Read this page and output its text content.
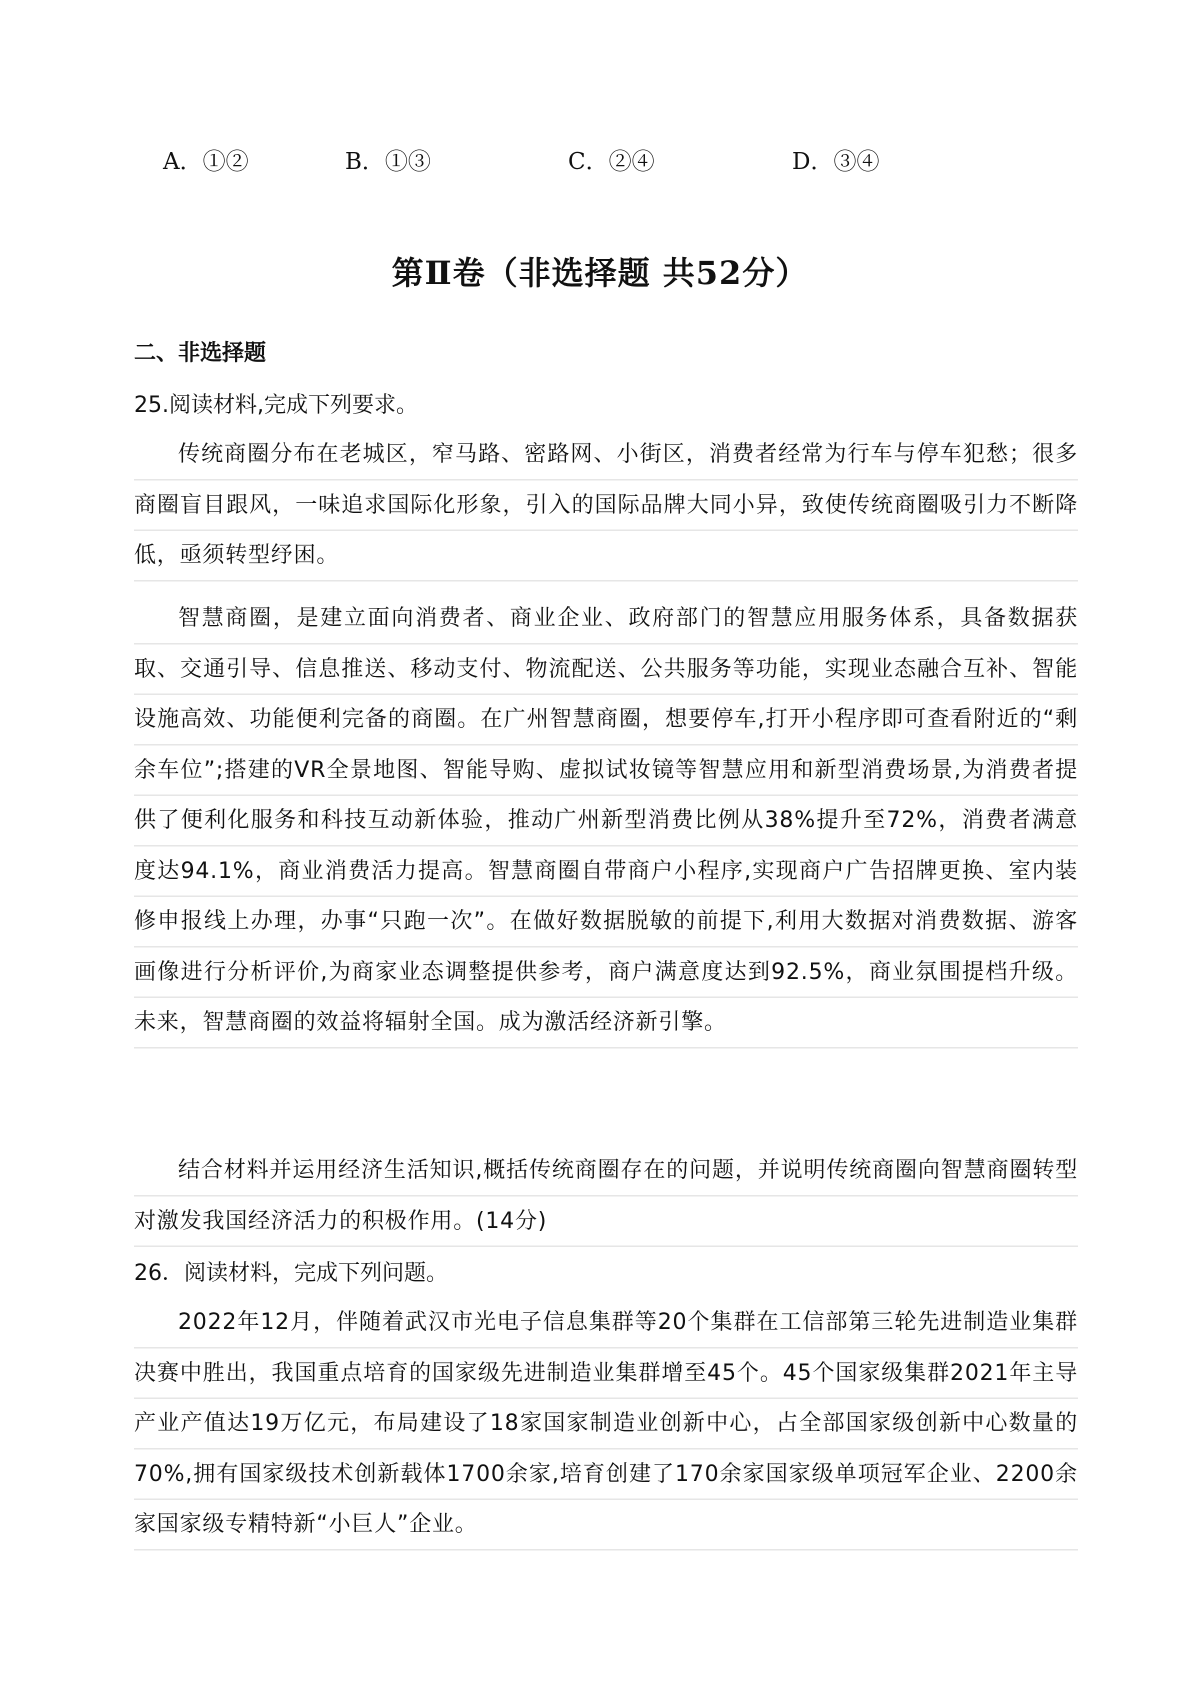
A．①②	B．①③	C．②④	D．③④
第Ⅱ卷（非选择题 共52分）
二、非选择题
25.阅读材料,完成下列要求。
传统商圈分布在老城区，窄马路、密路网、小街区，消费者经常为行车与停车犯愁；很多商圈盲目跟风，一味追求国际化形象，引入的国际品牌大同小异，致使传统商圈吸引力不断降低，亟须转型纾困。
智慧商圈，是建立面向消费者、商业企业、政府部门的智慧应用服务体系，具备数据获取、交通引导、信息推送、移动支付、物流配送、公共服务等功能，实现业态融合互补、智能设施高效、功能便利完备的商圈。在广州智慧商圈，想要停车,打开小程序即可查看附近的“剩余车位”;搭建的VR全景地图、智能导购、虚拟试妆镜等智慧应用和新型消费场景,为消费者提供了便利化服务和科技互动新体验，推动广州新型消费比例从38%提升至72%，消费者满意度达94.1%，商业消费活力提高。智慧商圈自带商户小程序,实现商户广告招牌更换、室内装修申报线上办理，办事“只跑一次”。在做好数据脱敏的前提下,利用大数据对消费数据、游客画像进行分析评价,为商家业态调整提供参考，商户满意度达到92.5%，商业氛围提档升级。未来，智慧商圈的效益将辐射全国。成为激活经济新引擎。
结合材料并运用经济生活知识,概括传统商圈存在的问题，并说明传统商圈向智慧商圈转型对激发我国经济活力的积极作用。(14分)
26．阅读材料，完成下列问题。
2022年12月，伴随着武汉市光电子信息集群等20个集群在工信部第三轮先进制造业集群决赛中胜出，我国重点培育的国家级先进制造业集群增至45个。45个国家级集群2021年主导产业产值达19万亿元，布局建设了18家国家制造业创新中心，占全部国家级创新中心数量的70%,拥有国家级技术创新载体1700余家,培育创建了170余家国家级单项冠军企业、2200余家国家级专精特新“小巨人”企业。
